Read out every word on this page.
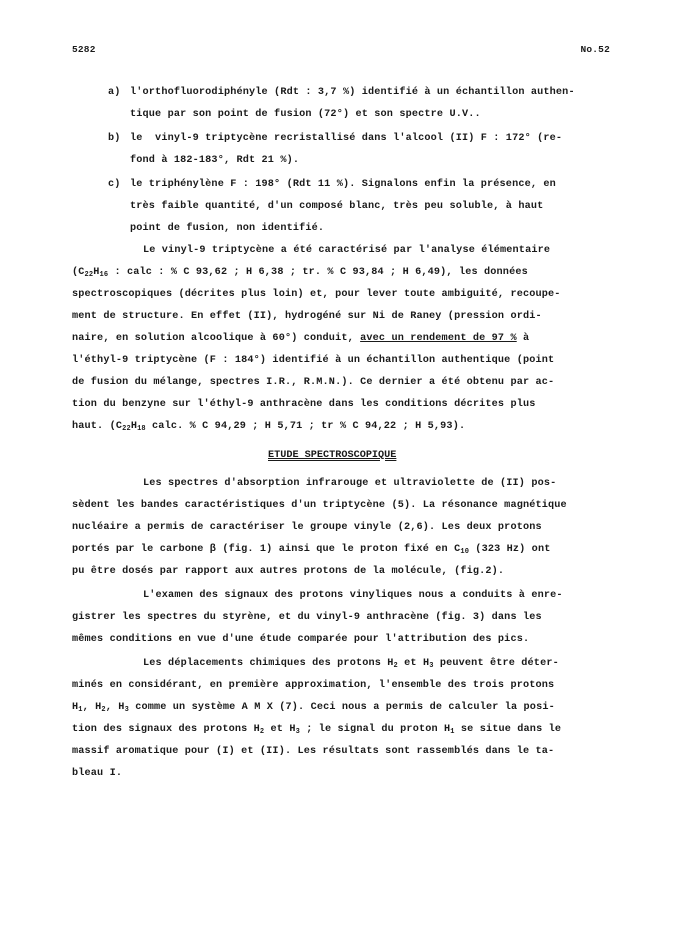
5282	No.52
a) l'orthofluorodiphényle (Rdt : 3,7 %) identifié à un échantillon authen-
tique par son point de fusion (72°) et son spectre U.V..
b) le  vinyl-9 triptycène recristallisé dans l'alcool (II) F : 172° (re-
fond à 182-183°, Rdt 21 %).
c) le triphénylène F : 198° (Rdt 11 %). Signalons enfin la présence, en
très faible quantité, d'un composé blanc, très peu soluble, à haut
point de fusion, non identifié.
Le vinyl-9 triptycène a été caractérisé par l'analyse élémentaire
($C_{22}H_{16}$ : calc : % C 93,62 ; H 6,38 ; tr. % C 93,84 ; H 6,49), les données
spectroscopiques (décrites plus loin) et, pour lever toute ambiguité, recoupe-
ment de structure. En effet (II), hydrogéné sur Ni de Raney (pression ordi-
naire, en solution alcoolique à 60°) conduit, avec un rendement de 97 % à
l'éthyl-9 triptycène (F : 184°) identifié à un échantillon authentique (point
de fusion du mélange, spectres I.R., R.M.N.). Ce dernier a été obtenu par ac-
tion du benzyne sur l'éthyl-9 anthracène dans les conditions décrites plus
haut. ($C_{22}H_{18}$ calc. % C 94,29 ; H 5,71 ; tr % C 94,22 ; H 5,93).
ETUDE SPECTROSCOPIQUE
Les spectres d'absorption infrarouge et ultraviolette de (II) pos-
sèdent les bandes caractéristiques d'un triptycène (5). La résonance magnétique
nucléaire a permis de caractériser le groupe vinyle (2,6). Les deux protons
portés par le carbone β (fig. 1) ainsi que le proton fixé en $C_{10}$ (323 Hz) ont
pu être dosés par rapport aux autres protons de la molécule, (fig.2).
L'examen des signaux des protons vinyliques nous a conduits à enre-
gistrer les spectres du styrène, et du vinyl-9 anthracène (fig. 3) dans les
mêmes conditions en vue d'une étude comparée pour l'attribution des pics.
Les déplacements chimiques des protons $H_2$ et $H_3$ peuvent être déter-
minés en considérant, en première approximation, l'ensemble des trois protons
$H_1$, $H_2$, $H_3$ comme un système A M X (7). Ceci nous a permis de calculer la posi-
tion des signaux des protons $H_2$ et $H_3$ ; le signal du proton $H_1$ se situe dans le
massif aromatique pour (I) et (II). Les résultats sont rassemblés dans le ta-
bleau I.
